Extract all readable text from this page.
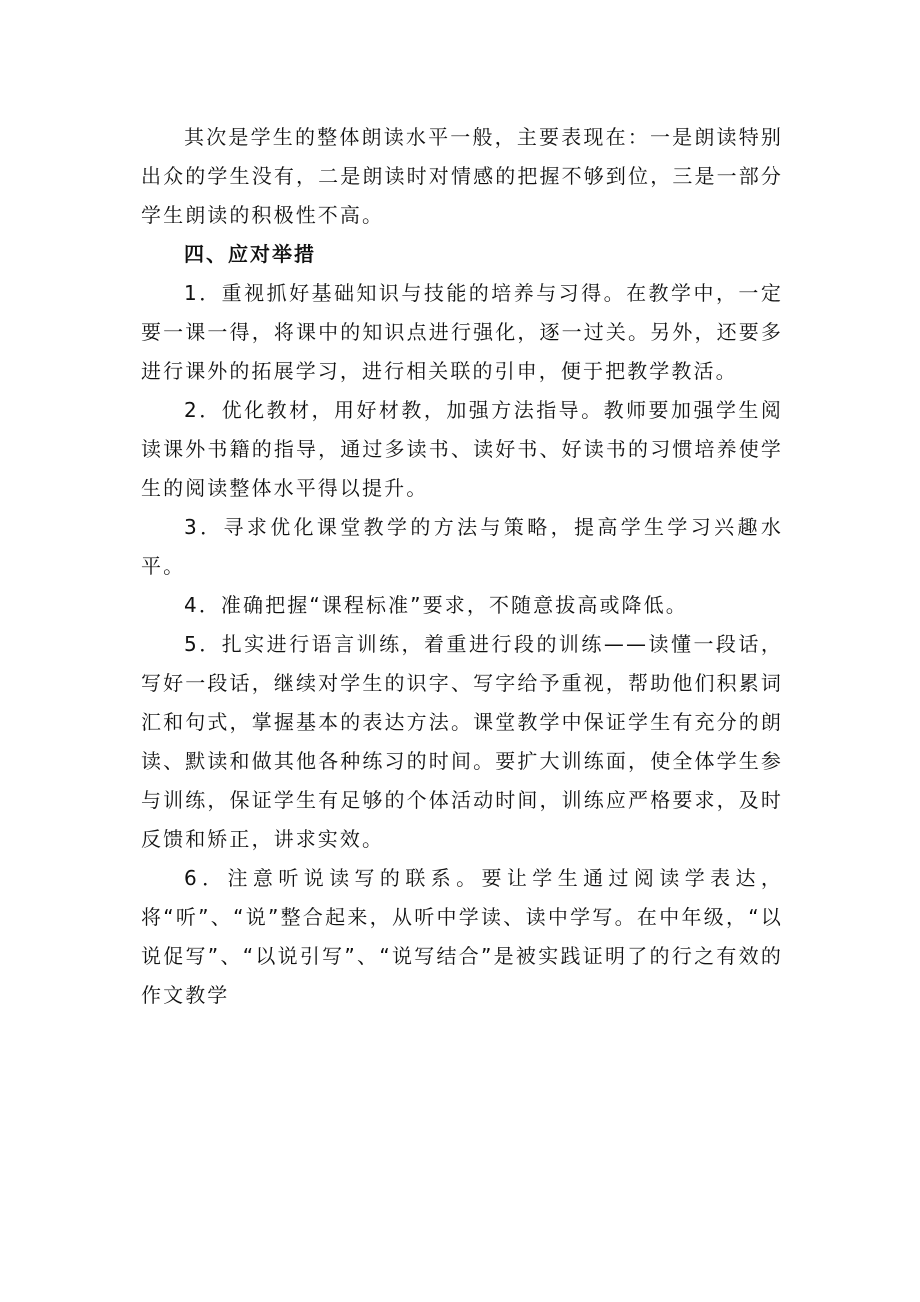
其次是学生的整体朗读水平一般，主要表现在：一是朗读特别出众的学生没有，二是朗读时对情感的把握不够到位，三是一部分学生朗读的积极性不高。

四、应对举措

1．重视抓好基础知识与技能的培养与习得。在教学中，一定要一课一得，将课中的知识点进行强化，逐一过关。另外，还要多进行课外的拓展学习，进行相关联的引申，便于把教学教活。

2．优化教材，用好材教，加强方法指导。教师要加强学生阅读课外书籍的指导，通过多读书、读好书、好读书的习惯培养使学生的阅读整体水平得以提升。

3．寻求优化课堂教学的方法与策略，提高学生学习兴趣水平。

4．准确把握“课程标准”要求，不随意拔高或降低。

5．扎实进行语言训练，着重进行段的训练——读懂一段话，写好一段话，继续对学生的识字、写字给予重视，帮助他们积累词汇和句式，掌握基本的表达方法。课堂教学中保证学生有充分的朗读、默读和做其他各种练习的时间。要扩大训练面，使全体学生参与训练，保证学生有足够的个体活动时间，训练应严格要求，及时反馈和矫正，讲求实效。

6．注意听说读写的联系。要让学生通过阅读学表达，将“听”、“说”整合起来，从听中学读、读中学写。在中年级，“以说促写”、“以说引写”、“说写结合”是被实践证明了的行之有效的作文教学
